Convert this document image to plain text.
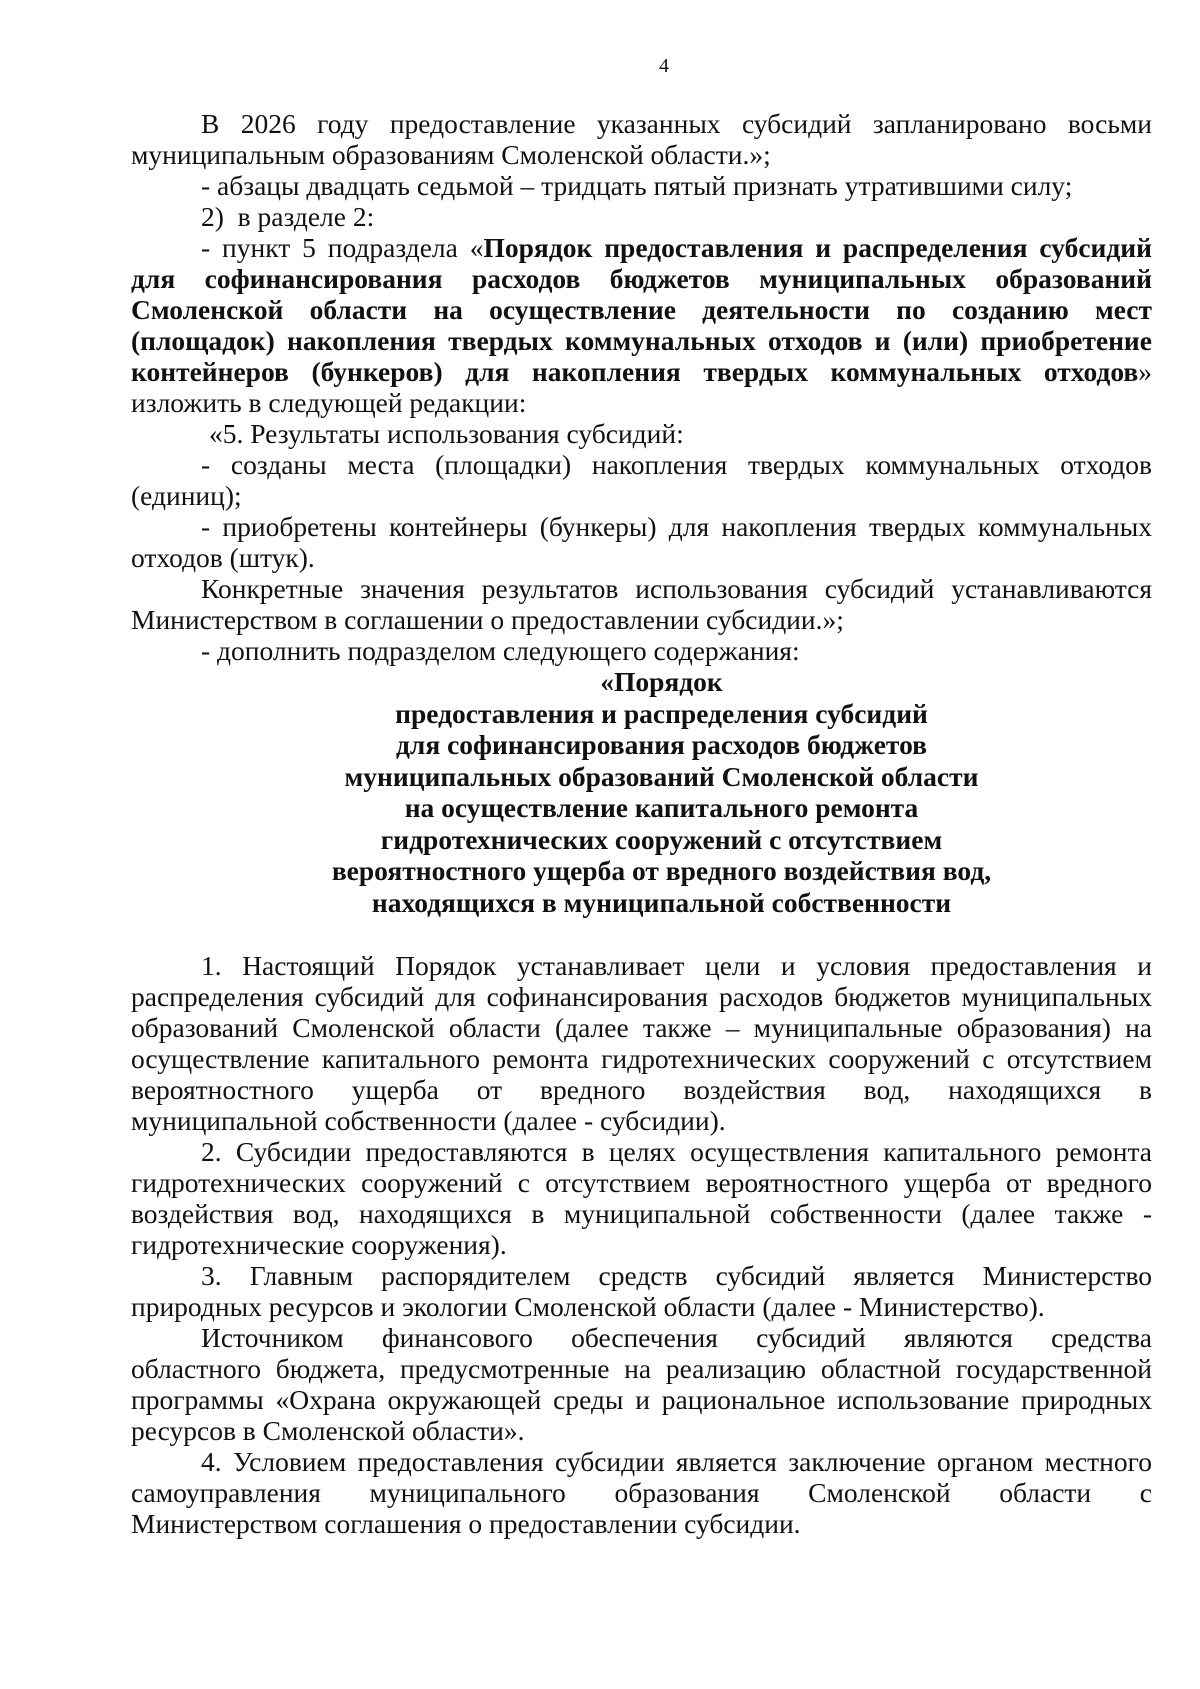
4
В 2026 году предоставление указанных субсидий запланировано восьми
муниципальным образованиям Смоленской области.»;
- абзацы двадцать седьмой – тридцать пятый признать утратившими силу;
2)  в разделе 2:
- пункт 5 подраздела «Порядок предоставления и распределения субсидий
для софинансирования расходов бюджетов муниципальных образований
Смоленской области на осуществление деятельности по созданию мест
(площадок) накопления твердых коммунальных отходов и (или) приобретение
контейнеров (бункеров) для накопления твердых коммунальных отходов»
изложить в следующей редакции:
«5. Результаты использования субсидий:
- созданы места (площадки) накопления твердых коммунальных отходов
(единиц);
- приобретены контейнеры (бункеры) для накопления твердых коммунальных
отходов (штук).
Конкретные значения результатов использования субсидий устанавливаются
Министерством в соглашении о предоставлении субсидии.»;
- дополнить подразделом следующего содержания:
«Порядок
предоставления и распределения субсидий
для софинансирования расходов бюджетов
муниципальных образований Смоленской области
на осуществление капитального ремонта
гидротехнических сооружений с отсутствием
вероятностного ущерба от вредного воздействия вод,
находящихся в муниципальной собственности
1. Настоящий Порядок устанавливает цели и условия предоставления и
распределения субсидий для софинансирования расходов бюджетов муниципальных
образований Смоленской области (далее также – муниципальные образования) на
осуществление капитального ремонта гидротехнических сооружений с отсутствием
вероятностного ущерба от вредного воздействия вод, находящихся в
муниципальной собственности (далее - субсидии).
2. Субсидии предоставляются в целях осуществления капитального ремонта
гидротехнических сооружений с отсутствием вероятностного ущерба от вредного
воздействия вод, находящихся в муниципальной собственности (далее также -
гидротехнические сооружения).
3. Главным распорядителем средств субсидий является Министерство
природных ресурсов и экологии Смоленской области (далее - Министерство).
Источником финансового обеспечения субсидий являются средства
областного бюджета, предусмотренные на реализацию областной государственной
программы «Охрана окружающей среды и рациональное использование природных
ресурсов в Смоленской области».
4. Условием предоставления субсидии является заключение органом местного
самоуправления муниципального образования Смоленской области с
Министерством соглашения о предоставлении субсидии.
